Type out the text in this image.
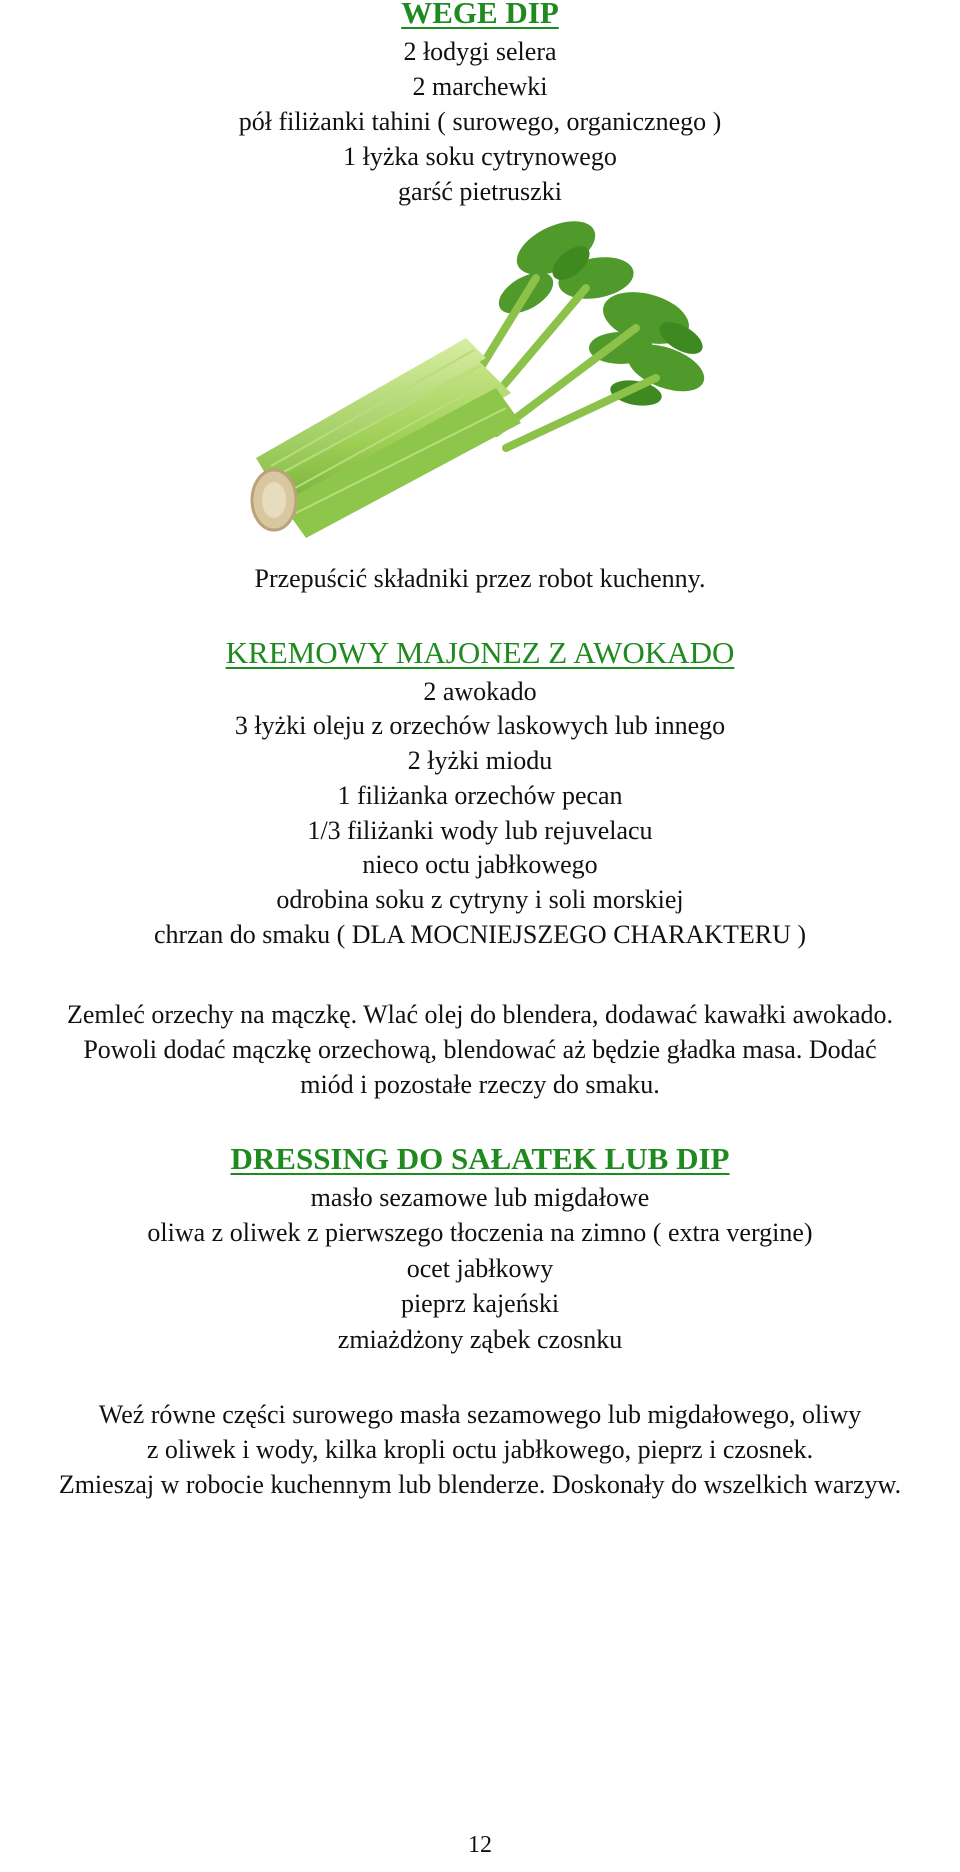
WEGE DIP
2 łodygi selera
2 marchewki
pół filiżanki tahini ( surowego, organicznego )
1 łyżka soku cytrynowego
garść pietruszki
Przepuścić składniki przez robot kuchenny.
KREMOWY MAJONEZ Z AWOKADO
2 awokado
3 łyżki oleju z orzechów laskowych lub innego
2 łyżki miodu
1 filiżanka orzechów pecan
1/3 filiżanki wody lub rejuvelacu
nieco octu jabłkowego
odrobina soku z cytryny i soli morskiej
chrzan do smaku ( DLA MOCNIEJSZEGO CHARAKTERU )
Zemleć orzechy na mączkę. Wlać olej do blendera, dodawać kawałki awokado.
Powoli dodać mączkę orzechową, blendować aż będzie gładka masa. Dodać
miód i pozostałe rzeczy do smaku.
DRESSING DO SAŁATEK LUB DIP
masło sezamowe lub migdałowe
oliwa z oliwek z pierwszego tłoczenia na zimno ( extra vergine)
ocet jabłkowy
pieprz kajeński
zmiażdżony ząbek czosnku
Weź równe części surowego masła sezamowego lub migdałowego, oliwy
z oliwek i wody, kilka kropli octu jabłkowego, pieprz i czosnek.
Zmieszaj w robocie kuchennym lub blenderze. Doskonały do wszelkich warzyw.
12
